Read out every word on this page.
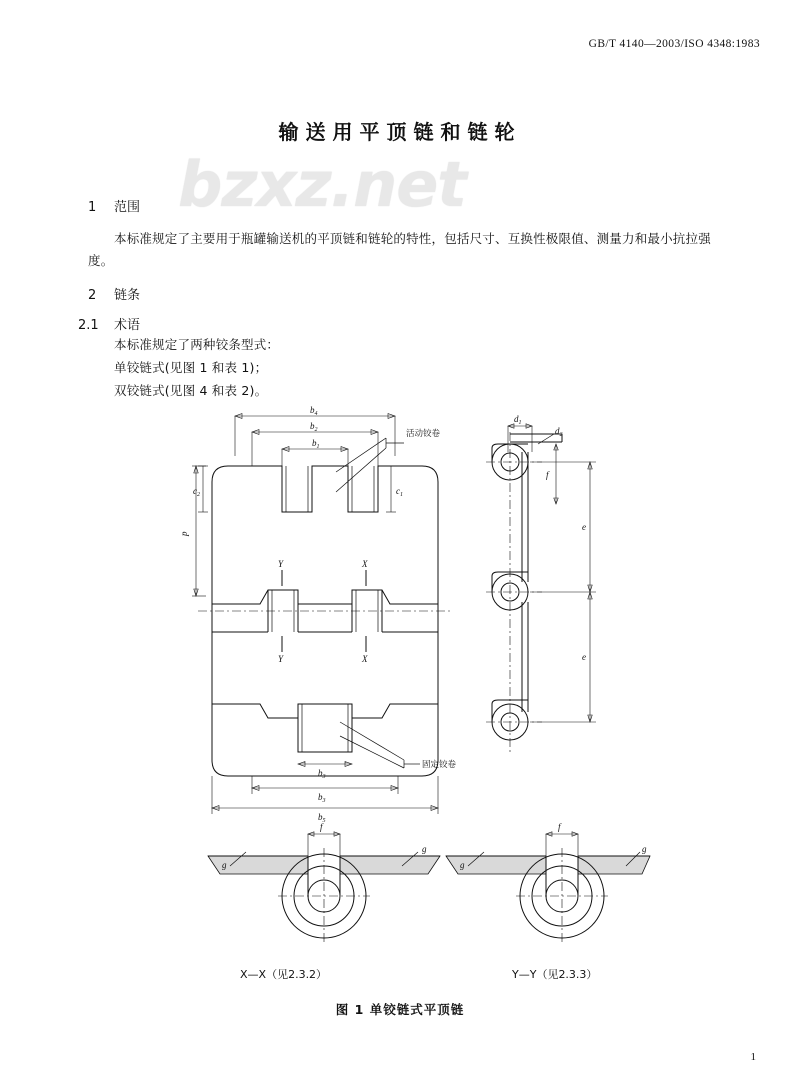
GB/T 4140—2003/ISO 4348:1983
输送用平顶链和链轮
bzxz.net
1 范围
本标准规定了主要用于瓶罐输送机的平顶链和链轮的特性，包括尺寸、互换性极限值、测量力和最小抗拉强度。
2 链条
2.1 术语
本标准规定了两种铰条型式：
单铰链式(见图 1 和表 1)；
双铰链式(见图 4 和表 2)。
$b_4$
$b_2$
$b_1$
$c_2$	$c_1$
活动铰卷
p
Y
Y
X
X
固定铰卷
$b_3$
$b_3$
$b_5$
$d_1$
$d_2$
f
e
e
f
g
g
f
g
g
X—X（见2.3.2）	Y—Y（见2.3.3）
图 1 单铰链式平顶链
1
